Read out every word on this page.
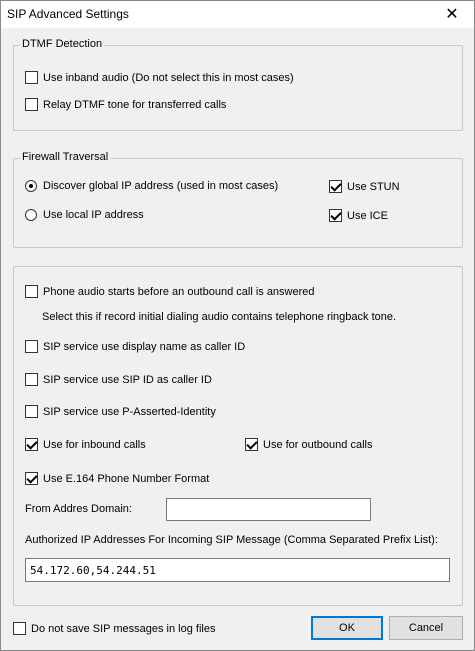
SIP Advanced Settings	✕
DTMF Detection
Use inband audio (Do not select this in most cases)
Relay DTMF tone for transferred calls
Firewall Traversal
Discover global IP address (used in most cases)
Use local IP address
Use STUN
Use ICE
Phone audio starts before an outbound call is answered
Select this if record initial dialing audio contains telephone ringback tone.
SIP service use display name as caller ID
SIP service use SIP ID as caller ID
SIP service use P-Asserted-Identity
Use for inbound calls	Use for outbound calls
Use E.164 Phone Number Format
From Addres Domain:
Authorized IP Addresses For Incoming SIP Message (Comma Separated Prefix List):
54.172.60,54.244.51
Do not save SIP messages in log files	OK	Cancel
